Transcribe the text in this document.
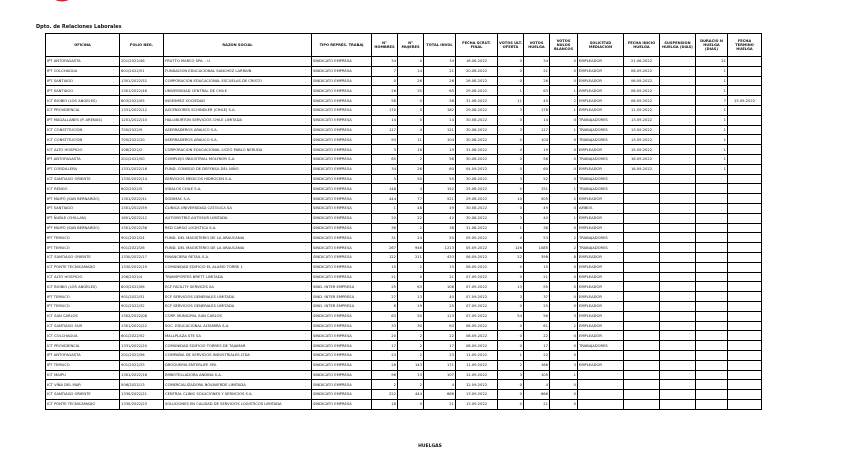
Dpto. de Relaciones Laborales
OFICINA	FOLIO NEG.	RAZON SOCIAL	TIPO REPRES. TRABAJ	N° HOMBRES	N° MUJERES	TOTAL INVOL	FECHA SCRUT. FINAL	VOTOS ÚLT. OFERTA	VOTOS HUELGA	VOTOS NULOS BLANCOS	SOLICITUD MEDIACION	FECHA INICIO HUELGA	SUSPENSION HUELGA (DIAS)	DURACIO N HUELGA (DIAS)	FECHA TERMINO HUELGA
IPT ANTOFAGASTA	201/2022/46	FRUTTO MARCO SPA. - U	SINDICATO EMPRESA	34	0	34	16.06.2022	0	34	0	EMPLEADOR	21.06.2022		21	
IPT COLCHAGUA	601/2022/51	FUNDACION EDUCACIONAL SANCHEZ LARRAIN	SINDICATO EMPRESA	7	14	21	20.08.2022	0	21	0	EMPLEADOR	06.09.2022		1	
IPT SANTIAGO	1301/2022/52	CORPORACION EDUCACIONAL ESCUELAS DE CRISTO	SINDICATO EMPRESA	0	26	26	26.08.2022	0	26	0	EMPLEADOR	06.09.2022		1	
IPT SANTIAGO	1301/2022/46	UNIVERSIDAD CENTRAL DE CHILE	SINDICATO EMPRESA	26	35	65	29.08.2022	1	63	1	EMPLEADOR	06.09.2022		1	
ICT BIOBIO (LOS ANGELES)	803/2022/05	INGESMEZ SOCIEDAD	SINDICATO EMPRESA	58	0	58	31.08.2022	11	45	2	EMPLEADOR	06.09.2022		7	13.09.2022
ICT PROVIDENCIA	1331/2022/12	ASCENSORES SCHINDLER (CHILE) S.A.	SINDICATO EMPRESA	170	0	182	29.08.2022	3	178	1	EMPLEADOR	11.09.2022		1	
IPT MAGALLANES (P. ARENAS)	1201/2022/10	HALLIBURTON SERVICIOS CHILE LIMITADA	SINDICATO EMPRESA	14	0	14	30.08.2022	0	14	0	TRABAJADORES	13.09.2022		1	
ICT CONSTITUCION	705/2022/9	ASERRADEROS ARAUCO S.A.	SINDICATO EMPRESA	117	4	121	30.08.2022	3	117	1	TRABAJADORES	13.09.2022		1	
ICT CONSTITUCION	705/2022/10	ASERRADEROS ARAUCO S.A.	SINDICATO EMPRESA	93	11	104	30.08.2022	0	104	0	TRABAJADORES	13.09.2022		1	
ICT ALTO HOSPICIO	106/2022/2	CORPORACION EDUCACIONAL LICEO PABLO NERUDA	SINDICATO EMPRESA	3	16	19	31.08.2022	0	19	0	EMPLEADOR	15.09.2022		1	
IPT ANTOFAGASTA	201/2022/50	COMPLEJO INDUSTRIAL MOLYNOR S.A.	SINDICATO EMPRESA	65	2	56	30.08.2022	0	56	0	TRABAJADORES	16.09.2022		1	
IPT CORDILLERA	1331/2022/16	FUND. CONSEJO DE DEFENSA DEL NIÑO	SINDICATO EMPRESA	34	26	60	04.09.2022	0	60	0	EMPLEADOR	16.09.2022		1	
ICT SANTIAGO ORIENTE	1330/2022/14	SERVICIOS MEDICOS HIDROCEN S.A.	SINDICATO EMPRESA	5	50	55	30.08.2022	3	52	0	TRABAJADORES				
ICT RENGO	602/2022/5	VIDALOS CHILE S.A.	SINDICATO EMPRESA	148	4	152	25.08.2022	0	151	1	TRABAJADORES				
IPT MAIPO (SAN BERNARDO)	1301/2022/41	SODIMAC S.A.	SINDICATO EMPRESA	444	77	521	29.08.2022	10	505	2	EMPLEADOR				
IPT SANTIAGO	1301/2022/59	CLINICA UNIVERSIDAD CATOLICA SA	SINDICATO EMPRESA	1	48	49	30.08.2022	0	49	0	AMBOS				
IPT ÑUBLE (CHILLAN)	1601/2022/12	AUTOMOTRIZ AUTOSUR LIMITADA	SINDICATO EMPRESA	20	22	42	30.08.2022	3	40	1	EMPLEADOR				
IPT MAIPO (SAN BERNARDO)	1301/2022/36	RED CARGO LOGISTICA S.A.	SINDICATO EMPRESA	36	2	38	31.08.2022	1	38	0	EMPLEADOR				
IPT TEMUCO	901/2022/24	FUND. DEL MAGISTERIO DE LA ARAUCANIA	SINDICATO EMPRESA	31	24	55	05.09.2022	0	53	2	TRABAJADORES				
IPT TEMUCO	901/2022/26	FUND. DEL MAGISTERIO DE LA ARAUCANIA	SINDICATO EMPRESA	267	946	1213	05.09.2022	126	1085	2	TRABAJADORES				
ICT SANTIAGO ORIENTE	1330/2022/17	FINANCIERA RETAIL S.A.	SINDICATO EMPRESA	122	211	433	06.09.2022	22	398	8	EMPLEADOR				
ICT PONTE TECNICAMADO	1330/2022/19	COMUNIDAD EDIFICIO EL ALAMO TORRE 1	SINDICATO EMPRESA	15	2	15	06.09.2022	0	15	0	EMPLEADOR				
ICT ALTO HOSPICIO	106/2022/4	TRANSPORTES BRETT LIMITADA	SINDICATO EMPRESA	21	0	21	07.09.2022	0	21	0	EMPLEADOR				
ICT BIOBIO (LOS ANGELES)	803/2022/06	ECF FACILITY SERVICES SA	SIND. INTER EMPRESA	25	63	108	07.09.2022	13	95	0	EMPLEADOR				
IPT TEMUCO	901/2022/31	ECF SERVICIOS GENERALES LIMITADA	SIND. INTER EMPRESA	27	13	40	07.09.2022	3	37	0	EMPLEADOR				
IPT TEMUCO	901/2022/32	ECF SERVICIOS GENERALES LIMITADA	SIND. INTER EMPRESA	6	19	25	07.09.2022	0	25	0	EMPLEADOR				
ICT SAN CARLOS	1302/2022/08	CORP. MUNICIPAL SAN CARLOS	SINDICATO EMPRESA	63	50	113	07.09.2022	54	56	3	EMPLEADOR				
ICT SANTIAGO SUR	1301/2022/22	SOC. EDUCACIONAL ALTAMIRA S.A.	SINDICATO EMPRESA	33	30	63	08.09.2022	0	61	2	EMPLEADOR				
ICT COLCHAGUA	601/2022/52	MALLPLAZA STE SA	SINDICATO EMPRESA	20	2	22	08.09.2022	0	22	0	EMPLEADOR				
ICT PROVIDENCIA	1331/2022/20	COMUNIDAD EDIFICIO TORRES DE TAJAMAR	SINDICATO EMPRESA	17	2	17	08.09.2022	0	17	0	TRABAJADORES				
IPT ANTOFAGASTA	201/2022/56	COMPAÑIA DE SERVICIOS INDUSTRIALES LTDA	SINDICATO EMPRESA	23	2	23	11.09.2022	1	22	0					
IPT TEMUCO	901/2022/33	DROGUERIA ENTERLIFE SPA	SINDICATO EMPRESA	28	143	171	11.09.2022	2	166	3	EMPLEADOR				
ICT MAIPU	1301/2022/16	EMBOTELLADORA ANDINA S.A.	SINDICATO EMPRESA	96	13	107	12.09.2022	3	105	1					
ICT VIÑA DEL MAR	506/2022/13	COMERCIALIZADORA NOVAVERDE LIMITADA	SINDICATO EMPRESA	2	2	4	12.09.2022	0	4	0					
ICT SANTIAGO ORIENTE	1330/2022/21	CENTRAL CLINIC SOLUCIONES Y SERVICIOS S.A.	SINDICATO EMPRESA	222	444	666	13.09.2022	0	666	0					
ICT PONTE TECNICAMADO	1330/2022/23	SOLUCIONES EN CALIDAD DE SERVICIOS LOGISTICOS LIMITADA	SINDICATO EMPRESA	18	0	21	13.09.2022	0	21	0					
HUELGAS
